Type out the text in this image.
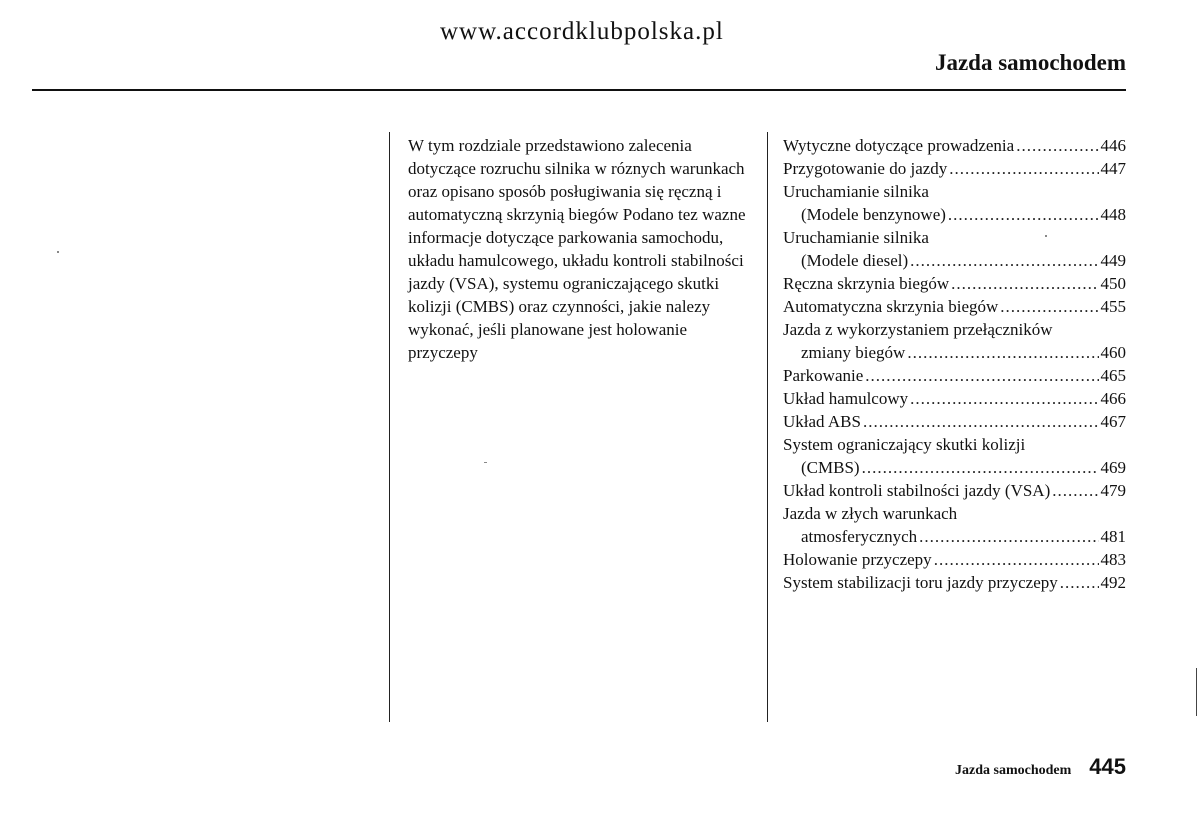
www.accordklubpolska.pl
Jazda samochodem

W tym rozdziale przedstawiono zalecenia dotyczące rozruchu silnika w róznych warunkach oraz opisano sposób posługiwania się ręczną i automatyczną skrzynią biegów Podano tez wazne informacje dotyczące parkowania samochodu, układu hamulcowego, układu kontroli stabilności jazdy (VSA), systemu ograniczającego skutki kolizji (CMBS) oraz czynności, jakie nalezy wykonać, jeśli planowane jest holowanie przyczepy

Wytyczne dotyczące prowadzenia .....	446
Przygotowanie do jazdy .....	447
Uruchamianie silnika
(Modele benzynowe) .....	448
Uruchamianie silnika
(Modele diesel) .....	449
Ręczna skrzynia biegów .....	450
Automatyczna skrzynia biegów .....	455
Jazda z wykorzystaniem przełączników
zmiany biegów .....	460
Parkowanie .....	465
Układ hamulcowy .....	466
Układ ABS .....	467
System ograniczający skutki kolizji
(CMBS) .....	469
Układ kontroli stabilności jazdy (VSA) .....	479
Jazda w złych warunkach
atmosferycznych .....	481
Holowanie przyczepy .....	483
System stabilizacji toru jazdy przyczepy .....	492
Jazda samochodem 445
